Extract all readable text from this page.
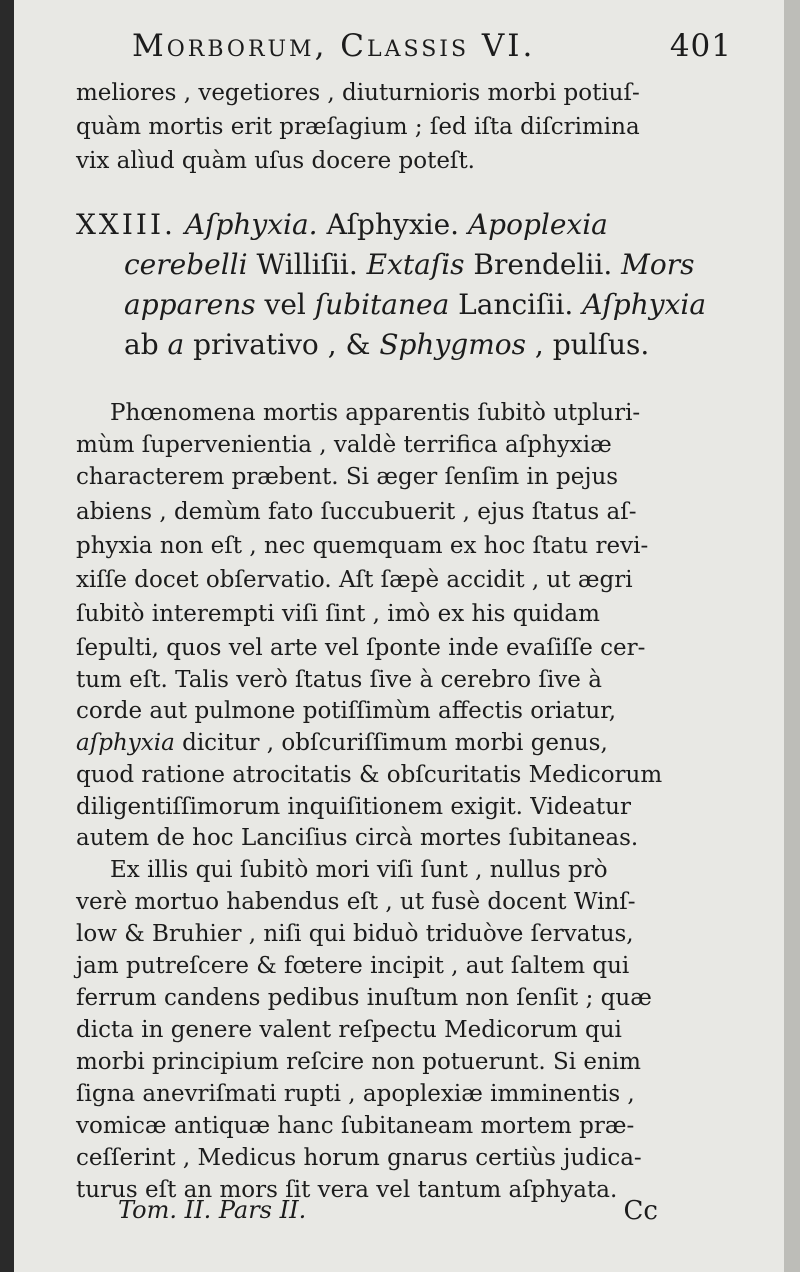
Morborum, Classis VI.	401
meliores , vegetiores , diuturnioris morbi potiuſ-
quàm mortis erit præſagium ; ſed iſta diſcrimina
vix alìud quàm uſus docere poteſt.
XXIII. Aſphyxia. Aſphyxie. Apoplexia
cerebelli Williſii. Extaſis Brendelii. Mors
apparens vel ſubitanea Lanciſii. Aſphyxia
ab a privativo , & Sphygmos , pulſus.
Phœnomena mortis apparentis ſubitò utpluri-
mùm ſupervenientia , valdè terrifica aſphyxiæ
characterem præbent. Si æger ſenſim in pejus
abiens , demùm fato ſuccubuerit , ejus ſtatus aſ-
phyxia non eſt , nec quemquam ex hoc ſtatu revi-
xiſſe docet obſervatio. Aſt ſæpè accidit , ut ægri
ſubitò interempti viſi ſint , imò ex his quidam
ſepulti, quos vel arte vel ſponte inde evaſiſſe cer-
tum eſt. Talis verò ſtatus ſive à cerebro ſive à
corde aut pulmone potiſſimùm affectis oriatur,
aſphyxia dicitur , obſcuriſſimum morbi genus,
quod ratione atrocitatis & obſcuritatis Medicorum
diligentiſſimorum inquiſitionem exigit. Videatur
autem de hoc Lanciſius circà mortes ſubitaneas.
Ex illis qui ſubitò mori viſi ſunt , nullus prò
verè mortuo habendus eſt , ut fusè docent Winſ-
low & Bruhier , niſi qui biduò triduòve ſervatus,
jam putreſcere & fœtere incipit , aut ſaltem qui
ferrum candens pedibus inuſtum non ſenſit ; quæ
dicta in genere valent reſpectu Medicorum qui
morbi principium reſcire non potuerunt. Si enim
ſigna anevriſmati rupti , apoplexiæ imminentis ,
vomicæ antiquæ hanc ſubitaneam mortem præ-
ceſſerint , Medicus horum gnarus certiùs judica-
turus eſt an mors ſit vera vel tantum aſphyata.
Tom. II. Pars II.	Cc
